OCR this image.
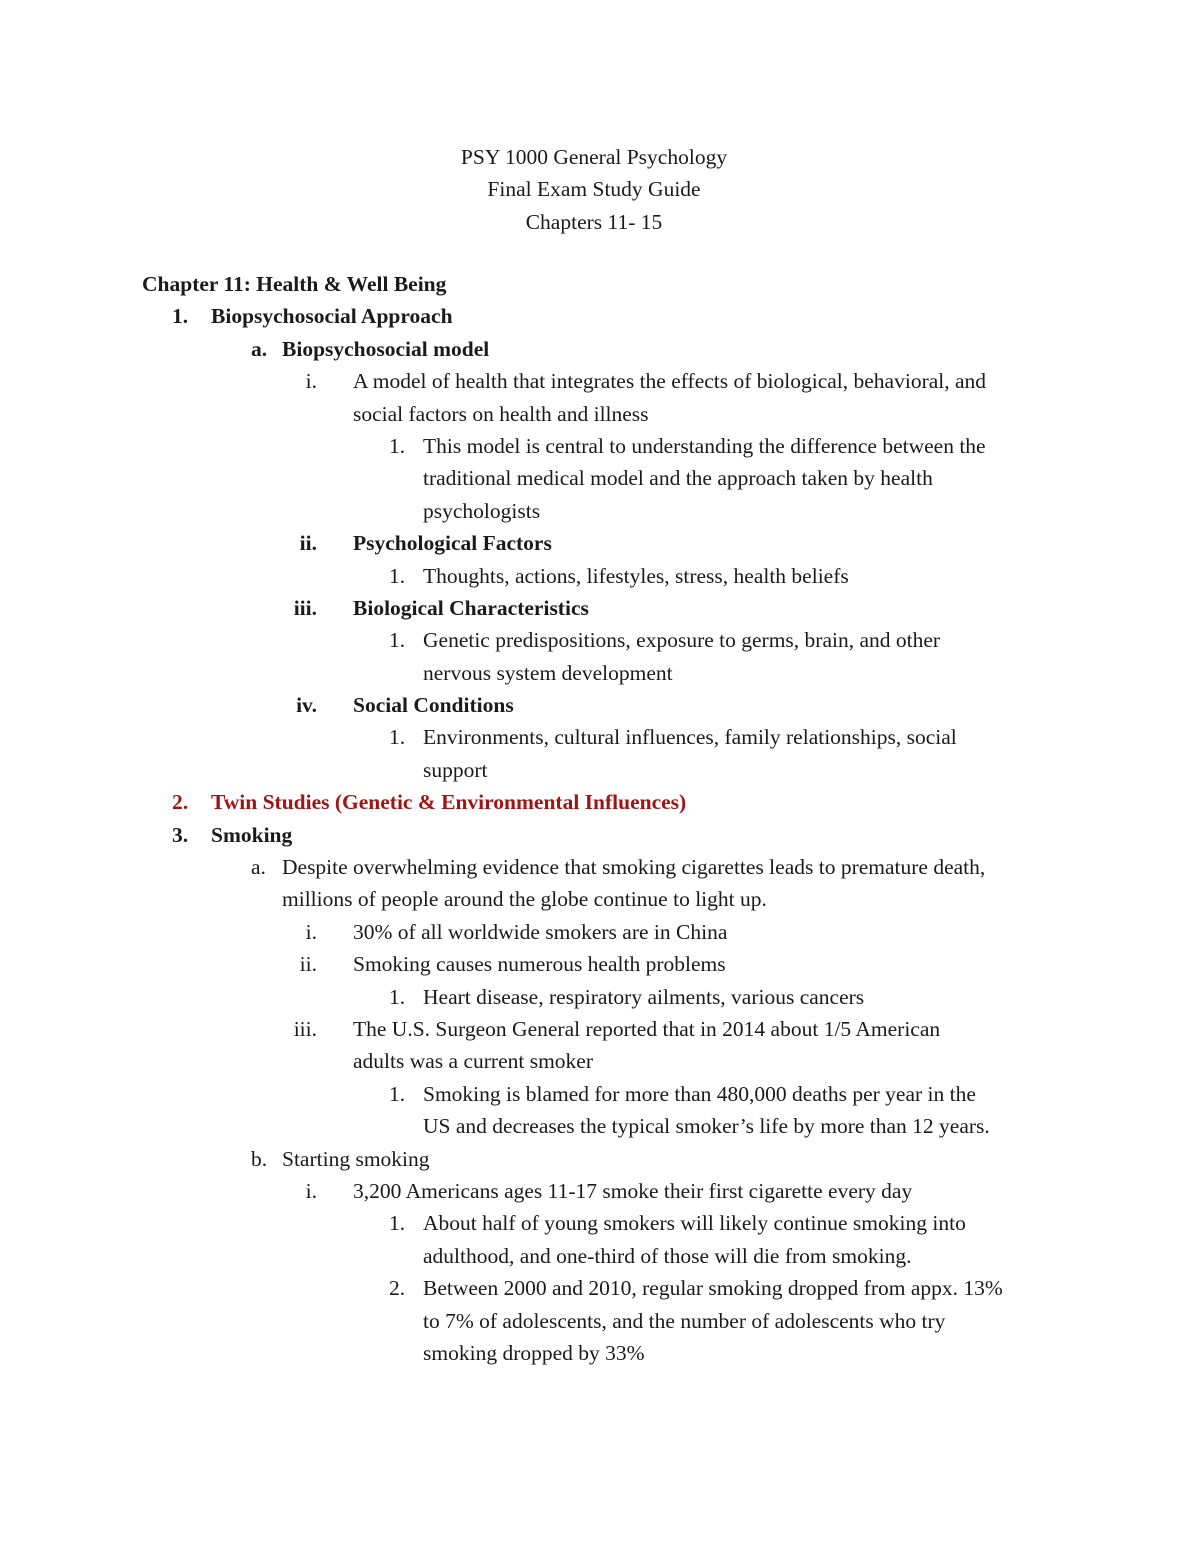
PSY 1000 General Psychology
Final Exam Study Guide
Chapters 11- 15
Chapter 11: Health & Well Being
1. Biopsychosocial Approach
a. Biopsychosocial model
i. A model of health that integrates the effects of biological, behavioral, and
social factors on health and illness
1. This model is central to understanding the difference between the
traditional medical model and the approach taken by health
psychologists
ii. Psychological Factors
1. Thoughts, actions, lifestyles, stress, health beliefs
iii. Biological Characteristics
1. Genetic predispositions, exposure to germs, brain, and other
nervous system development
iv. Social Conditions
1. Environments, cultural influences, family relationships, social
support
2. Twin Studies (Genetic & Environmental Influences)
3. Smoking
a. Despite overwhelming evidence that smoking cigarettes leads to premature death,
millions of people around the globe continue to light up.
i. 30% of all worldwide smokers are in China
ii. Smoking causes numerous health problems
1. Heart disease, respiratory ailments, various cancers
iii. The U.S. Surgeon General reported that in 2014 about 1/5 American
adults was a current smoker
1. Smoking is blamed for more than 480,000 deaths per year in the
US and decreases the typical smoker’s life by more than 12 years.
b. Starting smoking
i. 3,200 Americans ages 11-17 smoke their first cigarette every day
1. About half of young smokers will likely continue smoking into
adulthood, and one-third of those will die from smoking.
2. Between 2000 and 2010, regular smoking dropped from appx. 13%
to 7% of adolescents, and the number of adolescents who try
smoking dropped by 33%
